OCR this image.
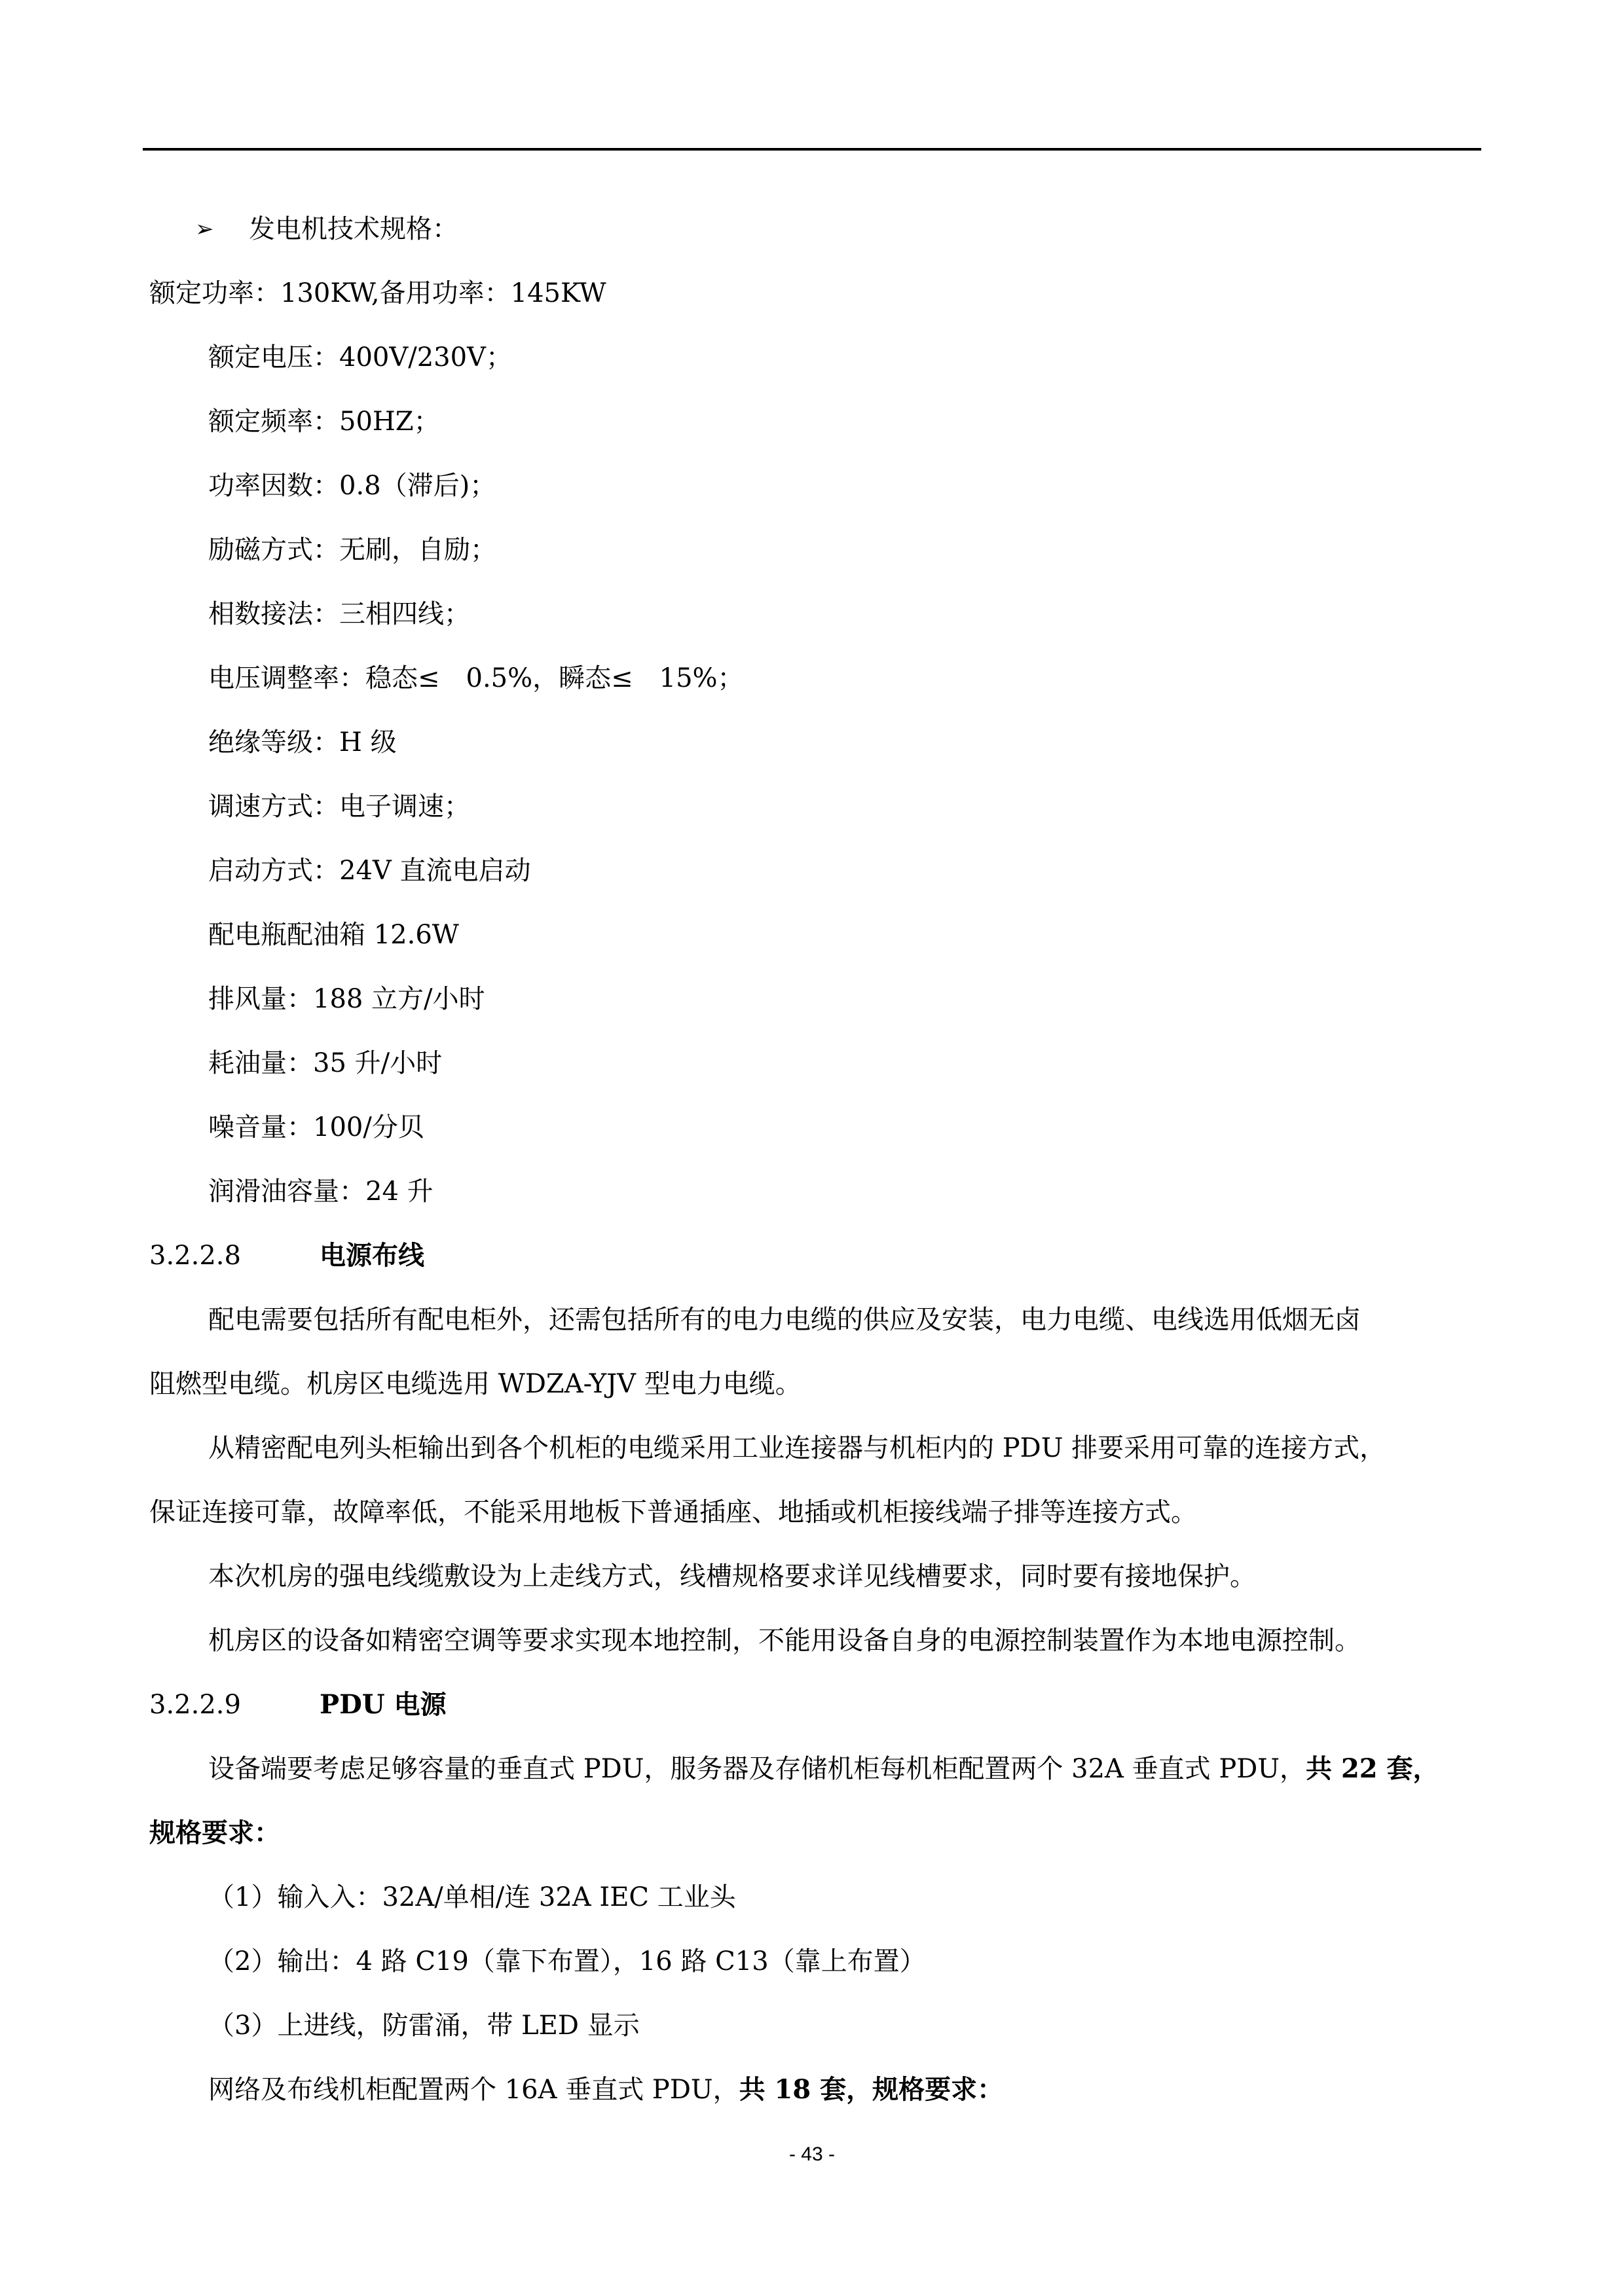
➢ 发电机技术规格：
额定功率：130KW,备用功率：145KW
额定电压：400V/230V；
额定频率：50HZ；
功率因数：0.8（滞后)；
励磁方式：无刷，自励；
相数接法：三相四线；
电压调整率：稳态≤　0.5%，瞬态≤　15%；
绝缘等级：H 级
调速方式：电子调速；
启动方式：24V 直流电启动
配电瓶配油箱 12.6W
排风量：188 立方/小时
耗油量：35 升/小时
噪音量：100/分贝
润滑油容量：24 升
3.2.2.8	电源布线
配电需要包括所有配电柜外，还需包括所有的电力电缆的供应及安装，电力电缆、电线选用低烟无卤
阻燃型电缆。机房区电缆选用 WDZA-YJV 型电力电缆。
从精密配电列头柜输出到各个机柜的电缆采用工业连接器与机柜内的 PDU 排要采用可靠的连接方式，
保证连接可靠，故障率低，不能采用地板下普通插座、地插或机柜接线端子排等连接方式。
本次机房的强电线缆敷设为上走线方式，线槽规格要求详见线槽要求，同时要有接地保护。
机房区的设备如精密空调等要求实现本地控制，不能用设备自身的电源控制装置作为本地电源控制。
3.2.2.9	PDU 电源
设备端要考虑足够容量的垂直式 PDU，服务器及存储机柜每机柜配置两个 32A 垂直式 PDU，共 22 套，
规格要求：
（1）输入入：32A/单相/连 32A IEC 工业头
（2）输出：4 路 C19（靠下布置），16 路 C13（靠上布置）
（3）上进线，防雷涌，带 LED 显示
网络及布线机柜配置两个 16A 垂直式 PDU，共 18 套，规格要求：
- 43 -
